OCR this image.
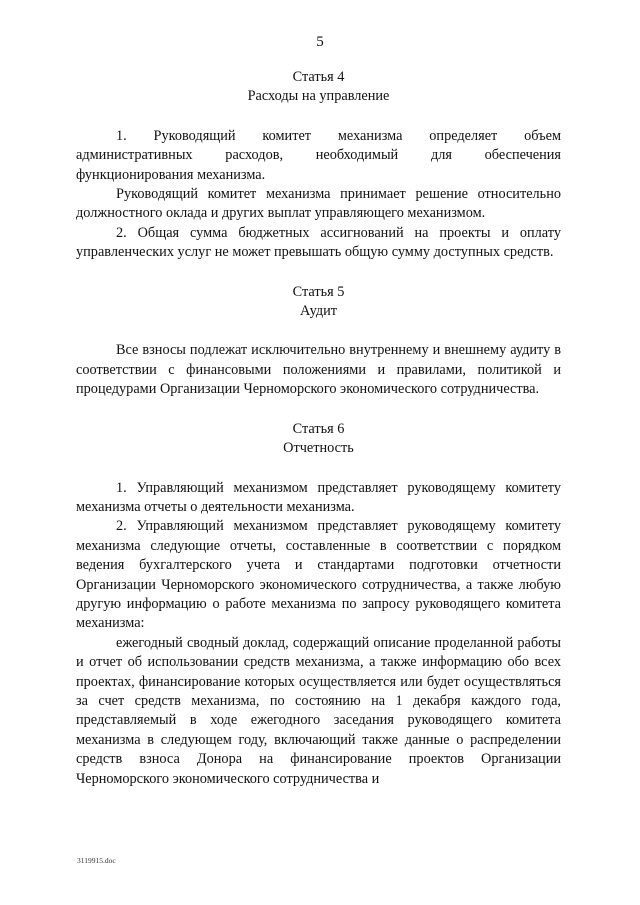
5
Статья 4
Расходы на управление

1. Руководящий комитет механизма определяет объем административных расходов, необходимый для обеспечения функционирования механизма.

Руководящий комитет механизма принимает решение относительно должностного оклада и других выплат управляющего механизмом.

2. Общая сумма бюджетных ассигнований на проекты и оплату управленческих услуг не может превышать общую сумму доступных средств.

Статья 5
Аудит

Все взносы подлежат исключительно внутреннему и внешнему аудиту в соответствии с финансовыми положениями и правилами, политикой и процедурами Организации Черноморского экономического сотрудничества.

Статья 6
Отчетность

1. Управляющий механизмом представляет руководящему комитету механизма отчеты о деятельности механизма.

2. Управляющий механизмом представляет руководящему комитету механизма следующие отчеты, составленные в соответствии с порядком ведения бухгалтерского учета и стандартами подготовки отчетности Организации Черноморского экономического сотрудничества, а также любую другую информацию о работе механизма по запросу руководящего комитета механизма:

ежегодный сводный доклад, содержащий описание проделанной работы и отчет об использовании средств механизма, а также информацию обо всех проектах, финансирование которых осуществляется или будет осуществляться за счет средств механизма, по состоянию на 1 декабря каждого года, представляемый в ходе ежегодного заседания руководящего комитета механизма в следующем году, включающий также данные о распределении средств взноса Донора на финансирование проектов Организации Черноморского экономического сотрудничества и

3119915.doc
